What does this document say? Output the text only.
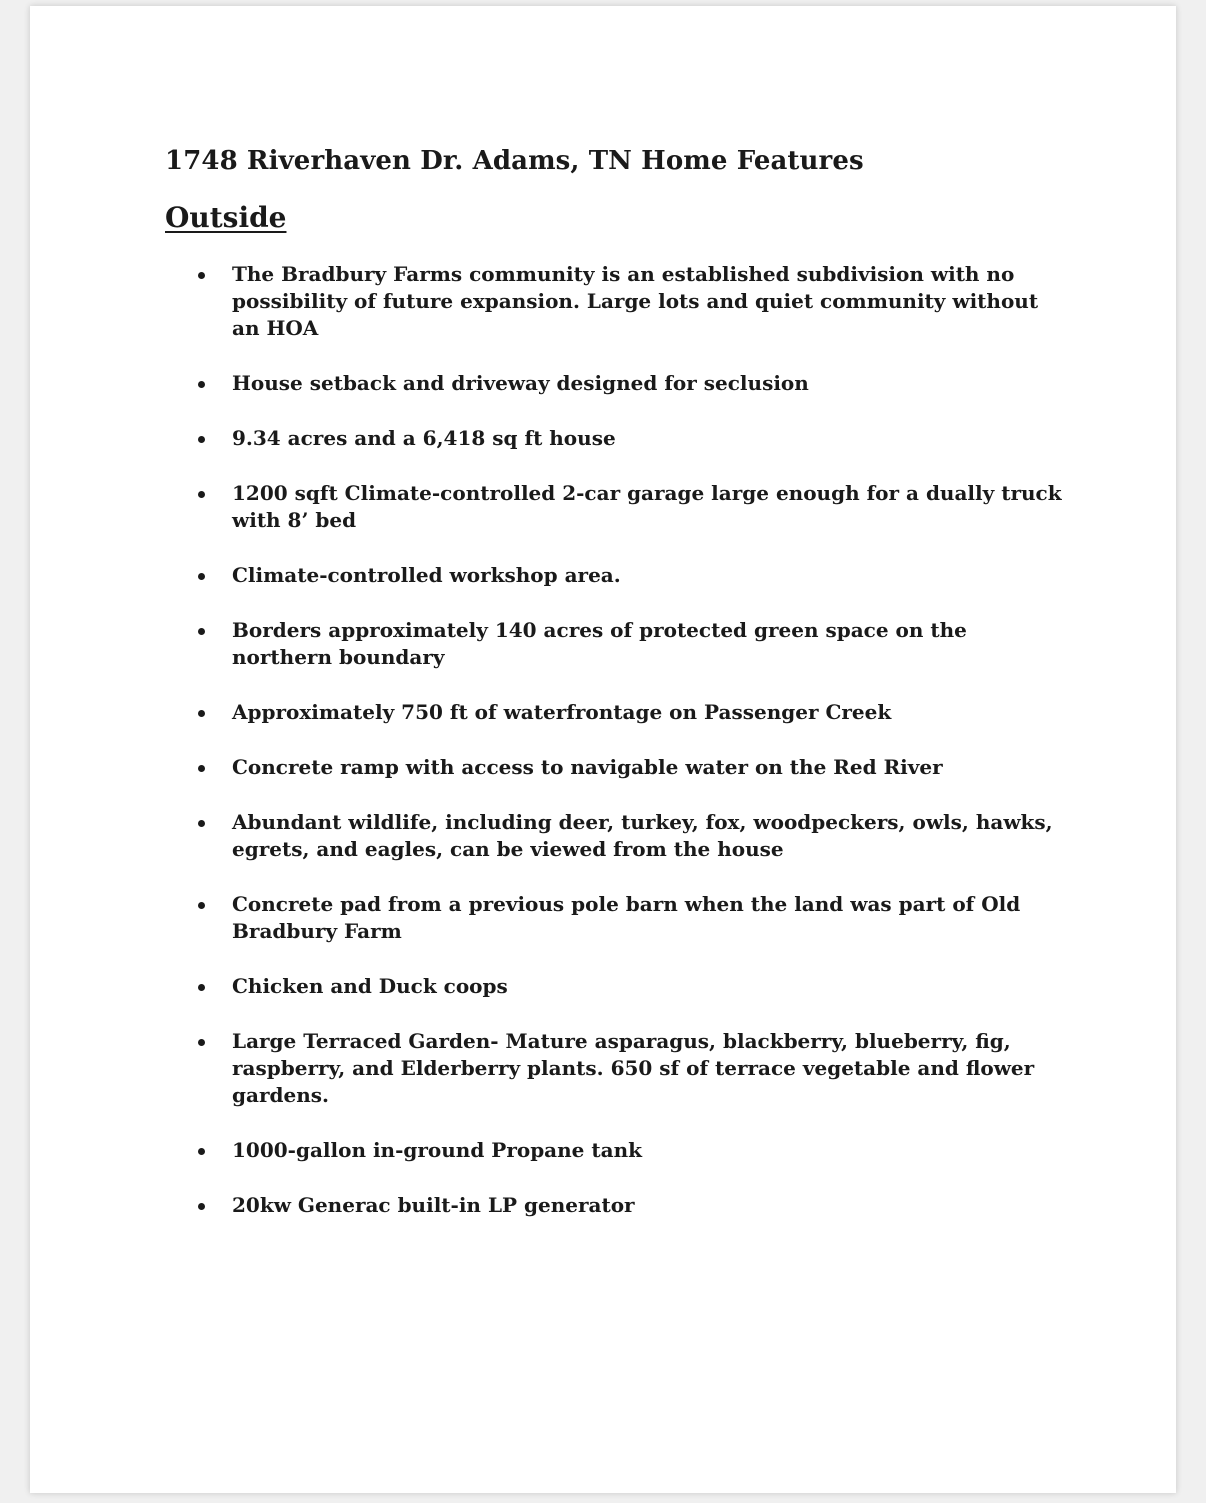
1748 Riverhaven Dr. Adams, TN Home Features
Outside
The Bradbury Farms community is an established subdivision with no possibility of future expansion. Large lots and quiet community without an HOA
House setback and driveway designed for seclusion
9.34 acres and a 6,418 sq ft house
1200 sqft Climate-controlled 2-car garage large enough for a dually truck with 8’ bed
Climate-controlled workshop area.
Borders approximately 140 acres of protected green space on the northern boundary
Approximately 750 ft of waterfrontage on Passenger Creek
Concrete ramp with access to navigable water on the Red River
Abundant wildlife, including deer, turkey, fox, woodpeckers, owls, hawks, egrets, and eagles, can be viewed from the house
Concrete pad from a previous pole barn when the land was part of Old Bradbury Farm
Chicken and Duck coops
Large Terraced Garden- Mature asparagus, blackberry, blueberry, fig, raspberry, and Elderberry plants. 650 sf of terrace vegetable and flower gardens.
1000-gallon in-ground Propane tank
20kw Generac built-in LP generator
